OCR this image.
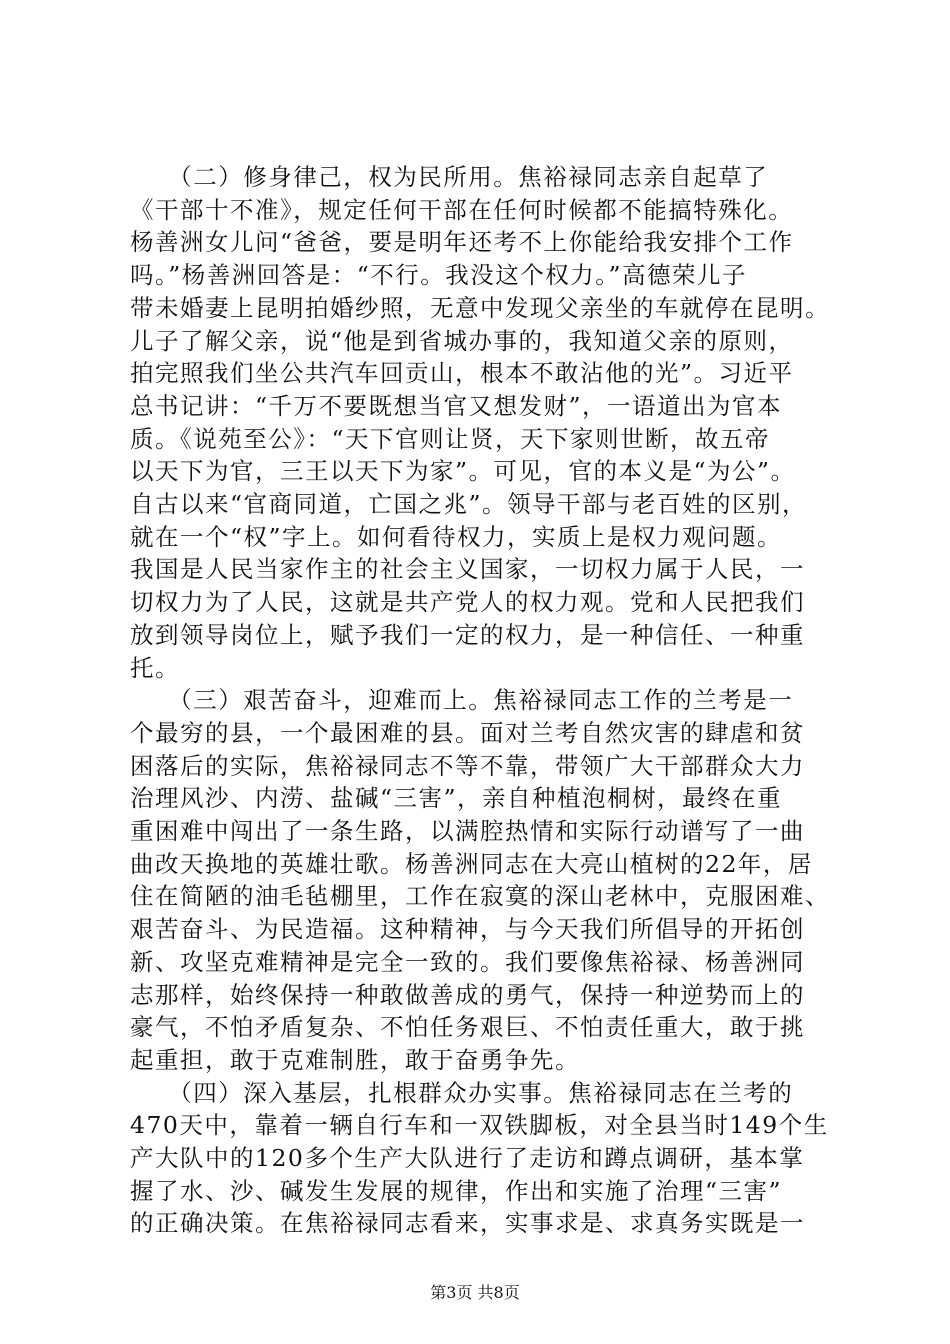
　　（二）修身律己，权为民所用。焦裕禄同志亲自起草了
《干部十不准》，规定任何干部在任何时候都不能搞特殊化。
杨善洲女儿问“爸爸，要是明年还考不上你能给我安排个工作
吗。”杨善洲回答是：“不行。我没这个权力。”高德荣儿子
带未婚妻上昆明拍婚纱照，无意中发现父亲坐的车就停在昆明。
儿子了解父亲，说“他是到省城办事的，我知道父亲的原则，
拍完照我们坐公共汽车回贡山，根本不敢沾他的光”。习近平
总书记讲：“千万不要既想当官又想发财”，一语道出为官本
质。《说苑至公》：“天下官则让贤，天下家则世断，故五帝
以天下为官，三王以天下为家”。可见，官的本义是“为公”。
自古以来“官商同道，亡国之兆”。领导干部与老百姓的区别，
就在一个“权”字上。如何看待权力，实质上是权力观问题。
我国是人民当家作主的社会主义国家，一切权力属于人民，一
切权力为了人民，这就是共产党人的权力观。党和人民把我们
放到领导岗位上，赋予我们一定的权力，是一种信任、一种重
托。
　　（三）艰苦奋斗，迎难而上。焦裕禄同志工作的兰考是一
个最穷的县，一个最困难的县。面对兰考自然灾害的肆虐和贫
困落后的实际，焦裕禄同志不等不靠，带领广大干部群众大力
治理风沙、内涝、盐碱“三害”，亲自种植泡桐树，最终在重
重困难中闯出了一条生路，以满腔热情和实际行动谱写了一曲
曲改天换地的英雄壮歌。杨善洲同志在大亮山植树的22年，居
住在简陋的油毛毡棚里，工作在寂寞的深山老林中，克服困难、
艰苦奋斗、为民造福。这种精神，与今天我们所倡导的开拓创
新、攻坚克难精神是完全一致的。我们要像焦裕禄、杨善洲同
志那样，始终保持一种敢做善成的勇气，保持一种逆势而上的
豪气，不怕矛盾复杂、不怕任务艰巨、不怕责任重大，敢于挑
起重担，敢于克难制胜，敢于奋勇争先。
　　（四）深入基层，扎根群众办实事。焦裕禄同志在兰考的
470天中，靠着一辆自行车和一双铁脚板，对全县当时149个生
产大队中的120多个生产大队进行了走访和蹲点调研，基本掌
握了水、沙、碱发生发展的规律，作出和实施了治理“三害”
的正确决策。在焦裕禄同志看来，实事求是、求真务实既是一
第3页 共8页
